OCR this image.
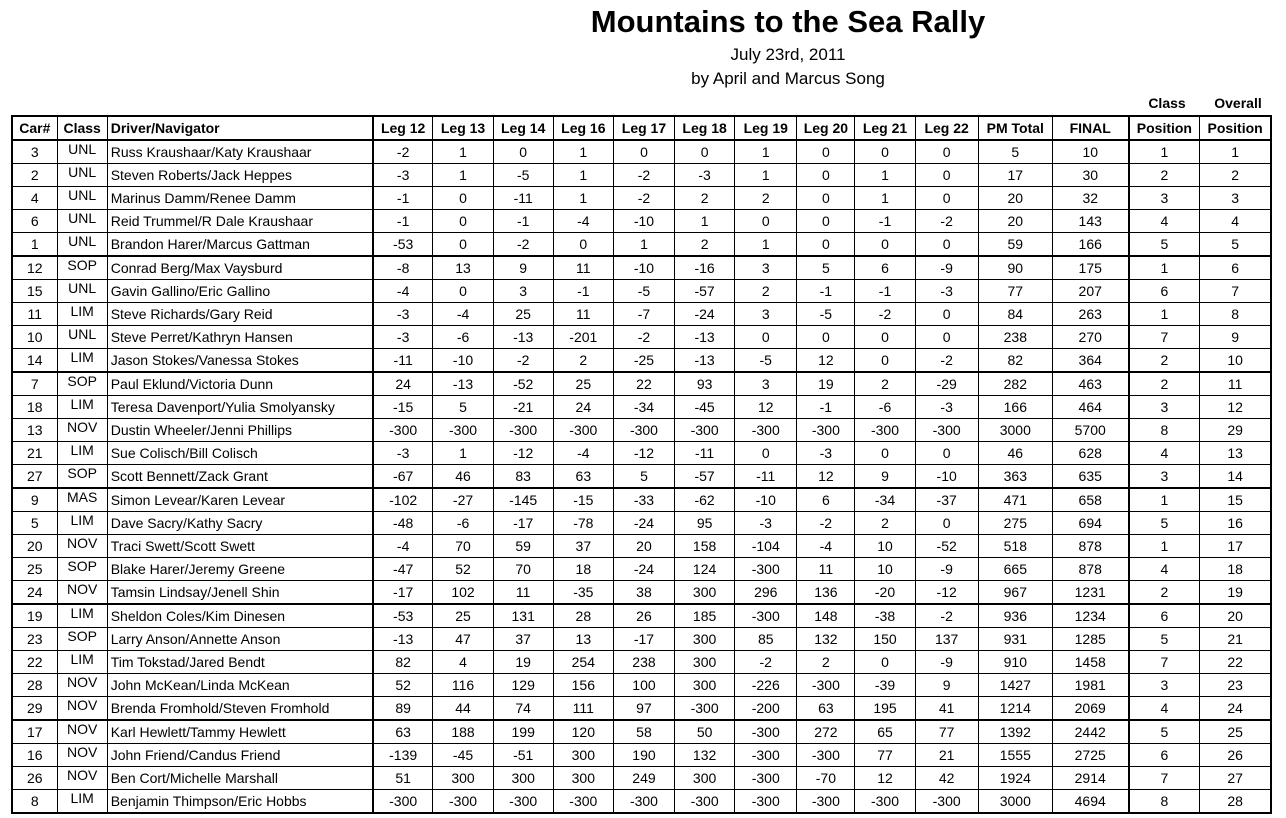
Mountains to the Sea Rally
July 23rd, 2011
by April and Marcus Song
Class	Overall
Car#	Class	Driver/Navigator	Leg 12	Leg 13	Leg 14	Leg 16	Leg 17	Leg 18	Leg 19	Leg 20	Leg 21	Leg 22	PM Total	FINAL	Position	Position
3	UNL	Russ Kraushaar/Katy Kraushaar	-2	1	0	1	0	0	1	0	0	0	5	10	1	1
2	UNL	Steven Roberts/Jack Heppes	-3	1	-5	1	-2	-3	1	0	1	0	17	30	2	2
4	UNL	Marinus Damm/Renee Damm	-1	0	-11	1	-2	2	2	0	1	0	20	32	3	3
6	UNL	Reid Trummel/R Dale Kraushaar	-1	0	-1	-4	-10	1	0	0	-1	-2	20	143	4	4
1	UNL	Brandon Harer/Marcus Gattman	-53	0	-2	0	1	2	1	0	0	0	59	166	5	5
12	SOP	Conrad Berg/Max Vaysburd	-8	13	9	11	-10	-16	3	5	6	-9	90	175	1	6
15	UNL	Gavin Gallino/Eric Gallino	-4	0	3	-1	-5	-57	2	-1	-1	-3	77	207	6	7
11	LIM	Steve Richards/Gary Reid	-3	-4	25	11	-7	-24	3	-5	-2	0	84	263	1	8
10	UNL	Steve Perret/Kathryn Hansen	-3	-6	-13	-201	-2	-13	0	0	0	0	238	270	7	9
14	LIM	Jason Stokes/Vanessa Stokes	-11	-10	-2	2	-25	-13	-5	12	0	-2	82	364	2	10
7	SOP	Paul Eklund/Victoria Dunn	24	-13	-52	25	22	93	3	19	2	-29	282	463	2	11
18	LIM	Teresa Davenport/Yulia Smolyansky	-15	5	-21	24	-34	-45	12	-1	-6	-3	166	464	3	12
13	NOV	Dustin Wheeler/Jenni Phillips	-300	-300	-300	-300	-300	-300	-300	-300	-300	-300	3000	5700	8	29
21	LIM	Sue Colisch/Bill Colisch	-3	1	-12	-4	-12	-11	0	-3	0	0	46	628	4	13
27	SOP	Scott Bennett/Zack Grant	-67	46	83	63	5	-57	-11	12	9	-10	363	635	3	14
9	MAS	Simon Levear/Karen Levear	-102	-27	-145	-15	-33	-62	-10	6	-34	-37	471	658	1	15
5	LIM	Dave Sacry/Kathy Sacry	-48	-6	-17	-78	-24	95	-3	-2	2	0	275	694	5	16
20	NOV	Traci Swett/Scott Swett	-4	70	59	37	20	158	-104	-4	10	-52	518	878	1	17
25	SOP	Blake Harer/Jeremy Greene	-47	52	70	18	-24	124	-300	11	10	-9	665	878	4	18
24	NOV	Tamsin Lindsay/Jenell Shin	-17	102	11	-35	38	300	296	136	-20	-12	967	1231	2	19
19	LIM	Sheldon Coles/Kim Dinesen	-53	25	131	28	26	185	-300	148	-38	-2	936	1234	6	20
23	SOP	Larry Anson/Annette Anson	-13	47	37	13	-17	300	85	132	150	137	931	1285	5	21
22	LIM	Tim Tokstad/Jared Bendt	82	4	19	254	238	300	-2	2	0	-9	910	1458	7	22
28	NOV	John McKean/Linda McKean	52	116	129	156	100	300	-226	-300	-39	9	1427	1981	3	23
29	NOV	Brenda Fromhold/Steven Fromhold	89	44	74	111	97	-300	-200	63	195	41	1214	2069	4	24
17	NOV	Karl Hewlett/Tammy Hewlett	63	188	199	120	58	50	-300	272	65	77	1392	2442	5	25
16	NOV	John Friend/Candus Friend	-139	-45	-51	300	190	132	-300	-300	77	21	1555	2725	6	26
26	NOV	Ben Cort/Michelle Marshall	51	300	300	300	249	300	-300	-70	12	42	1924	2914	7	27
8	LIM	Benjamin Thimpson/Eric Hobbs	-300	-300	-300	-300	-300	-300	-300	-300	-300	-300	3000	4694	8	28
